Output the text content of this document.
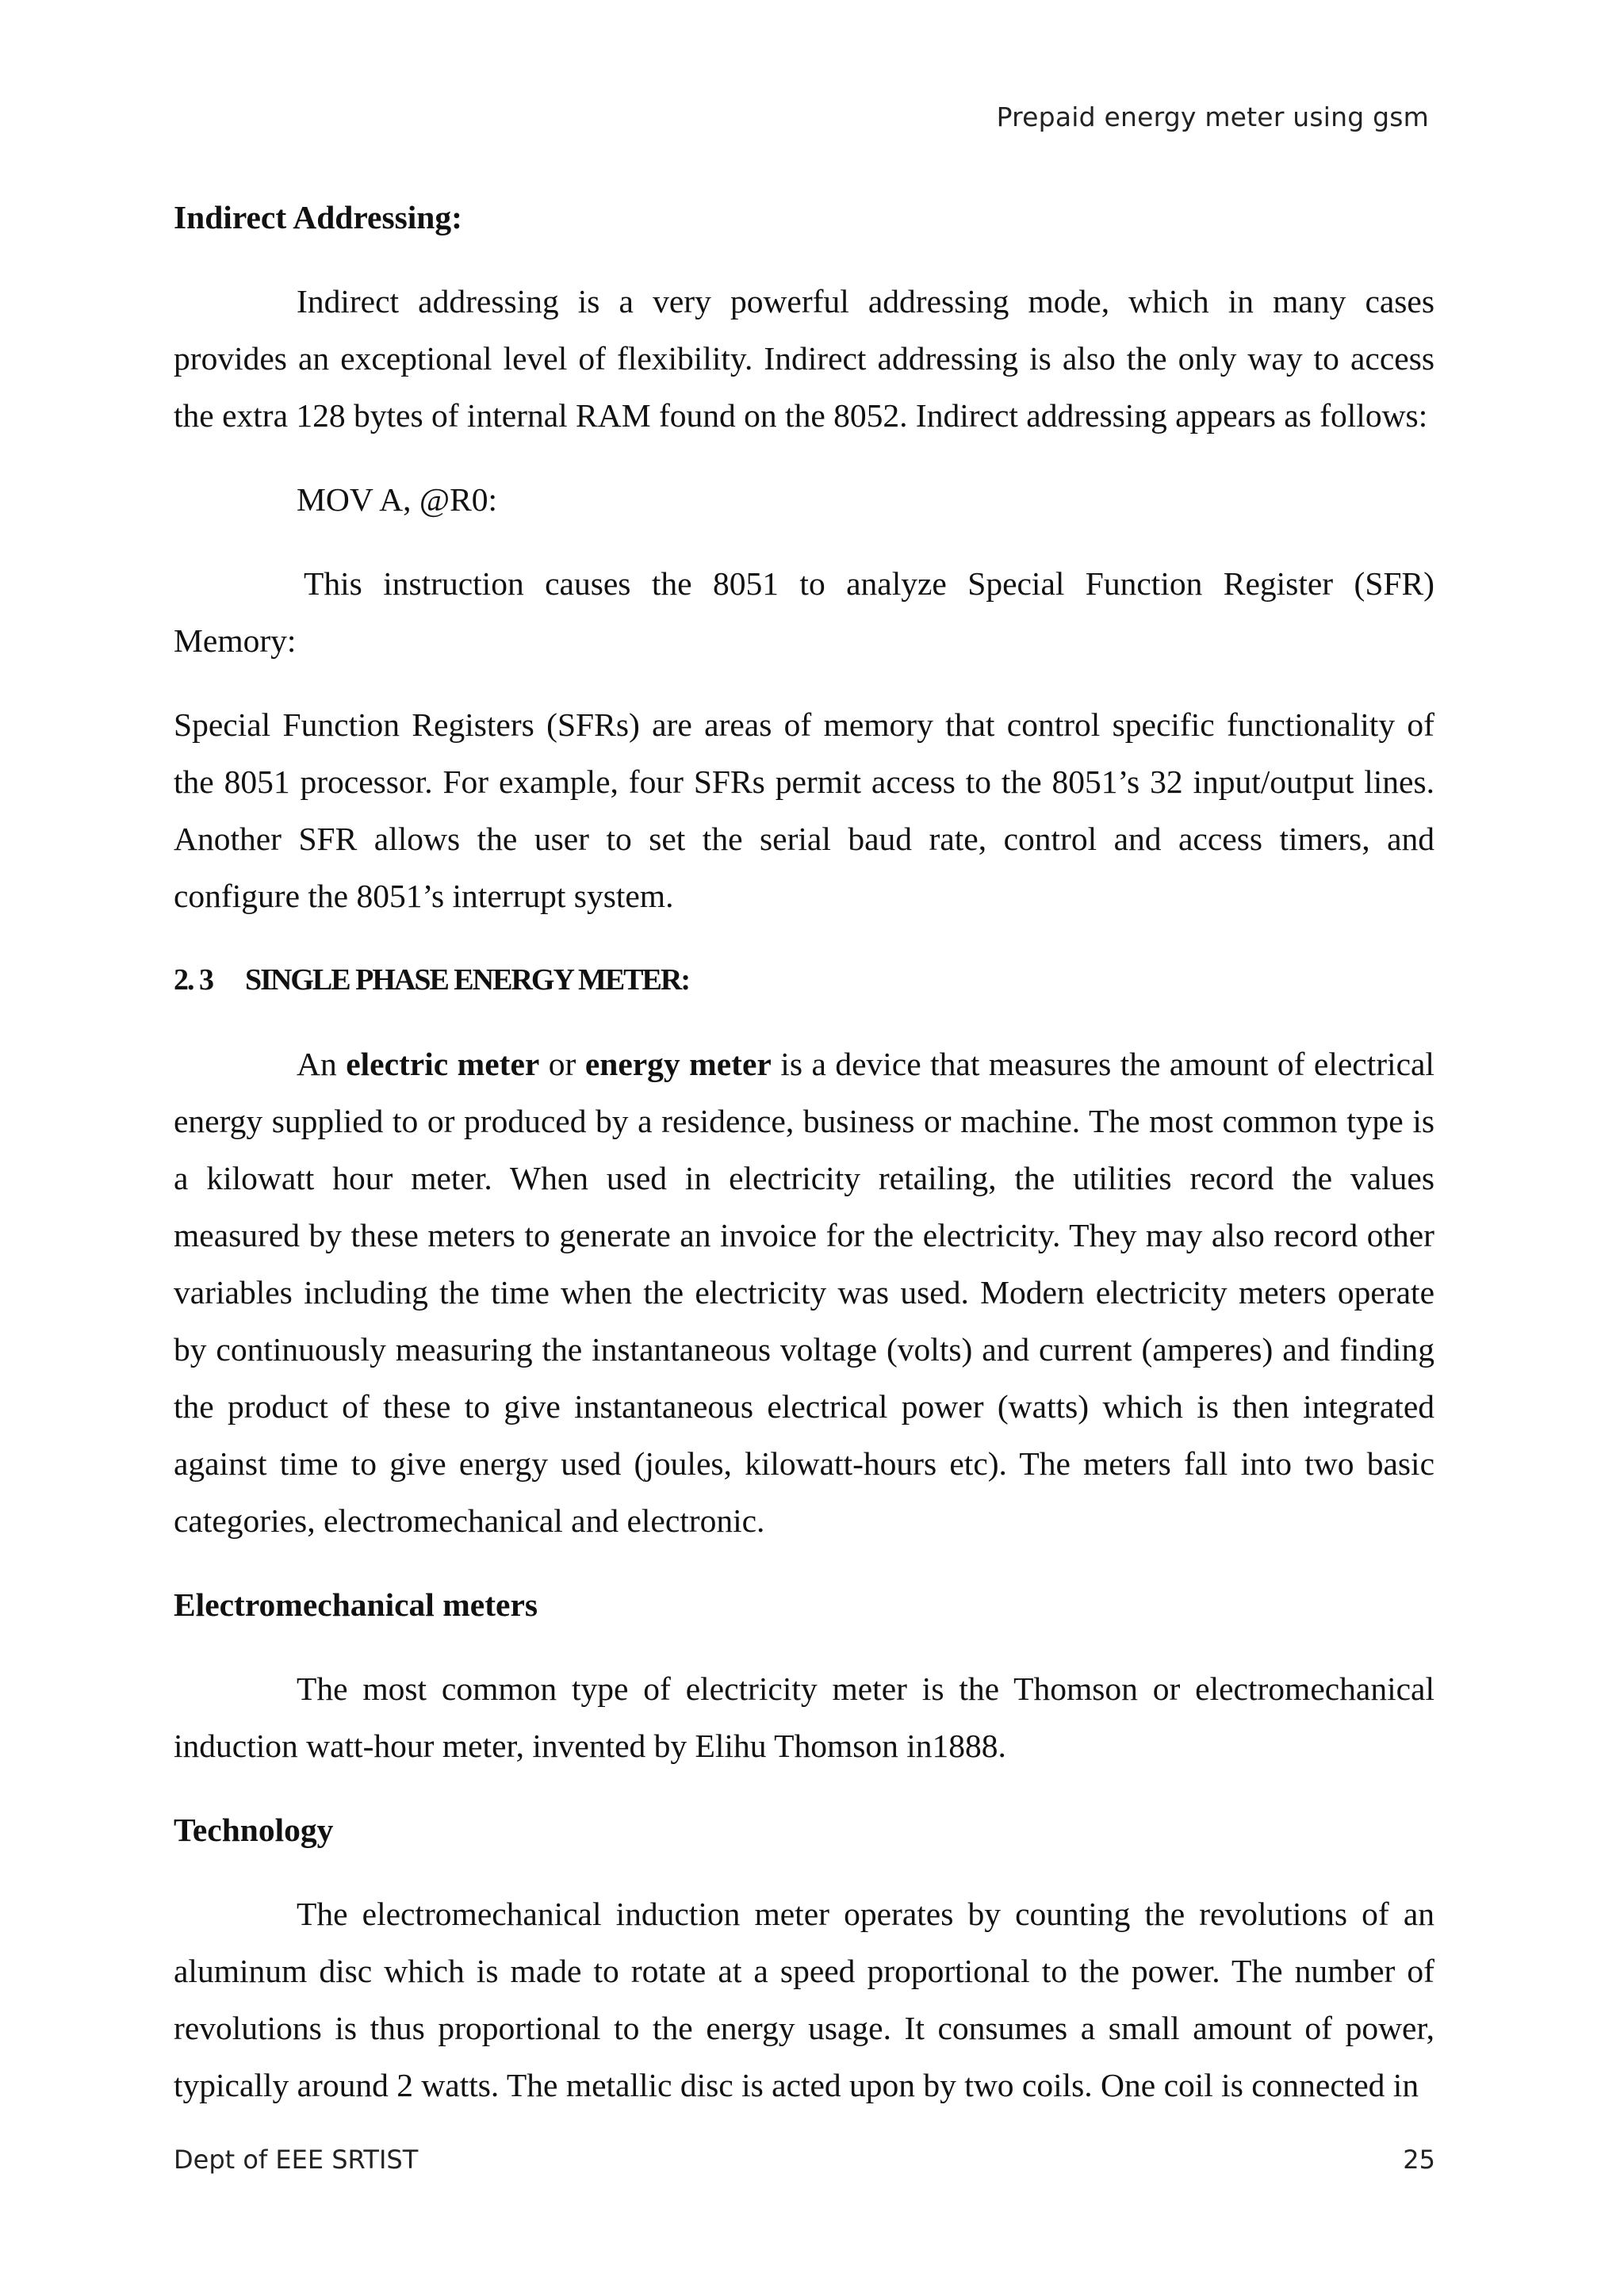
Prepaid energy meter using gsm
Indirect Addressing:

Indirect addressing is a very powerful addressing mode, which in many cases provides an exceptional level of flexibility. Indirect addressing is also the only way to access the extra 128 bytes of internal RAM found on the 8052. Indirect addressing appears as follows:

MOV A, @R0:

This instruction causes the 8051 to analyze Special Function Register (SFR)

Memory:

Special Function Registers (SFRs) are areas of memory that control specific functionality of the 8051 processor. For example, four SFRs permit access to the 8051’s 32 input/output lines. Another SFR allows the user to set the serial baud rate, control and access timers, and configure the 8051’s interrupt system.

2. 3 SINGLE PHASE ENERGY METER:

An electric meter or energy meter is a device that measures the amount of electrical energy supplied to or produced by a residence, business or machine. The most common type is a kilowatt hour meter. When used in electricity retailing, the utilities record the values measured by these meters to generate an invoice for the electricity. They may also record other variables including the time when the electricity was used. Modern electricity meters operate by continuously measuring the instantaneous voltage (volts) and current (amperes) and finding the product of these to give instantaneous electrical power (watts) which is then integrated against time to give energy used (joules, kilowatt-hours etc). The meters fall into two basic categories, electromechanical and electronic.

Electromechanical meters

The most common type of electricity meter is the Thomson or electromechanical induction watt-hour meter, invented by Elihu Thomson in1888.

Technology

The electromechanical induction meter operates by counting the revolutions of an aluminum disc which is made to rotate at a speed proportional to the power. The number of revolutions is thus proportional to the energy usage. It consumes a small amount of power, typically around 2 watts. The metallic disc is acted upon by two coils. One coil is connected in

Dept of EEE SRTIST	25
